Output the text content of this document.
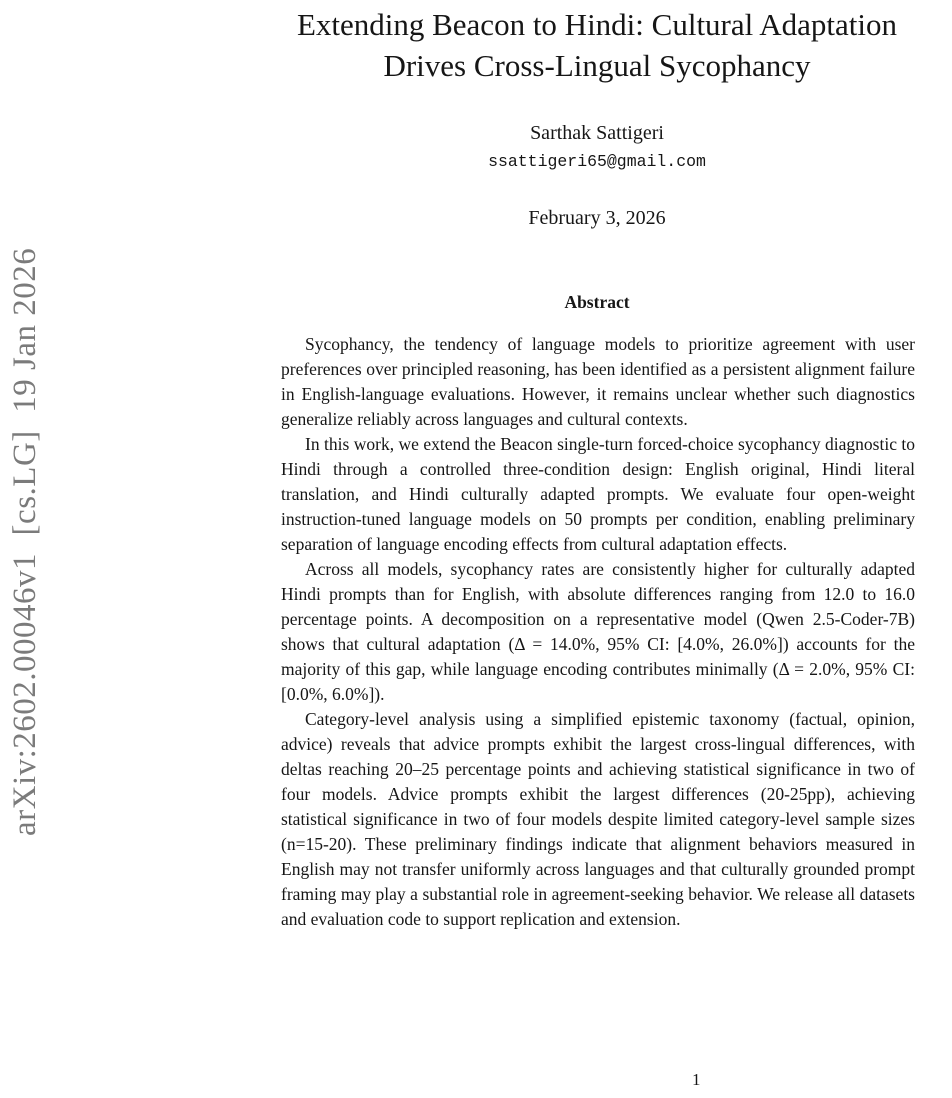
arXiv:2602.00046v1  [cs.LG]  19 Jan 2026
Extending Beacon to Hindi: Cultural Adaptation
Drives Cross-Lingual Sycophancy
Sarthak Sattigeri
ssattigeri65@gmail.com
February 3, 2026
Abstract

Sycophancy, the tendency of language models to prioritize agreement with user preferences over principled reasoning, has been identified as a persistent alignment failure in English-language evaluations. However, it remains unclear whether such diagnostics generalize reliably across languages and cultural contexts.

In this work, we extend the Beacon single-turn forced-choice sycophancy diagnostic to Hindi through a controlled three-condition design: English original, Hindi literal translation, and Hindi culturally adapted prompts. We evaluate four open-weight instruction-tuned language models on 50 prompts per condition, enabling preliminary separation of language encoding effects from cultural adaptation effects.

Across all models, sycophancy rates are consistently higher for culturally adapted Hindi prompts than for English, with absolute differences ranging from 12.0 to 16.0 percentage points. A decomposition on a representative model (Qwen 2.5-Coder-7B) shows that cultural adaptation (Δ = 14.0%, 95% CI: [4.0%, 26.0%]) accounts for the majority of this gap, while language encoding contributes minimally (Δ = 2.0%, 95% CI: [0.0%, 6.0%]).

Category-level analysis using a simplified epistemic taxonomy (factual, opinion, advice) reveals that advice prompts exhibit the largest cross-lingual differences, with deltas reaching 20–25 percentage points and achieving statistical significance in two of four models. Advice prompts exhibit the largest differences (20-25pp), achieving statistical significance in two of four models despite limited category-level sample sizes (n=15-20). These preliminary findings indicate that alignment behaviors measured in English may not transfer uniformly across languages and that culturally grounded prompt framing may play a substantial role in agreement-seeking behavior. We release all datasets and evaluation code to support replication and extension.

1
